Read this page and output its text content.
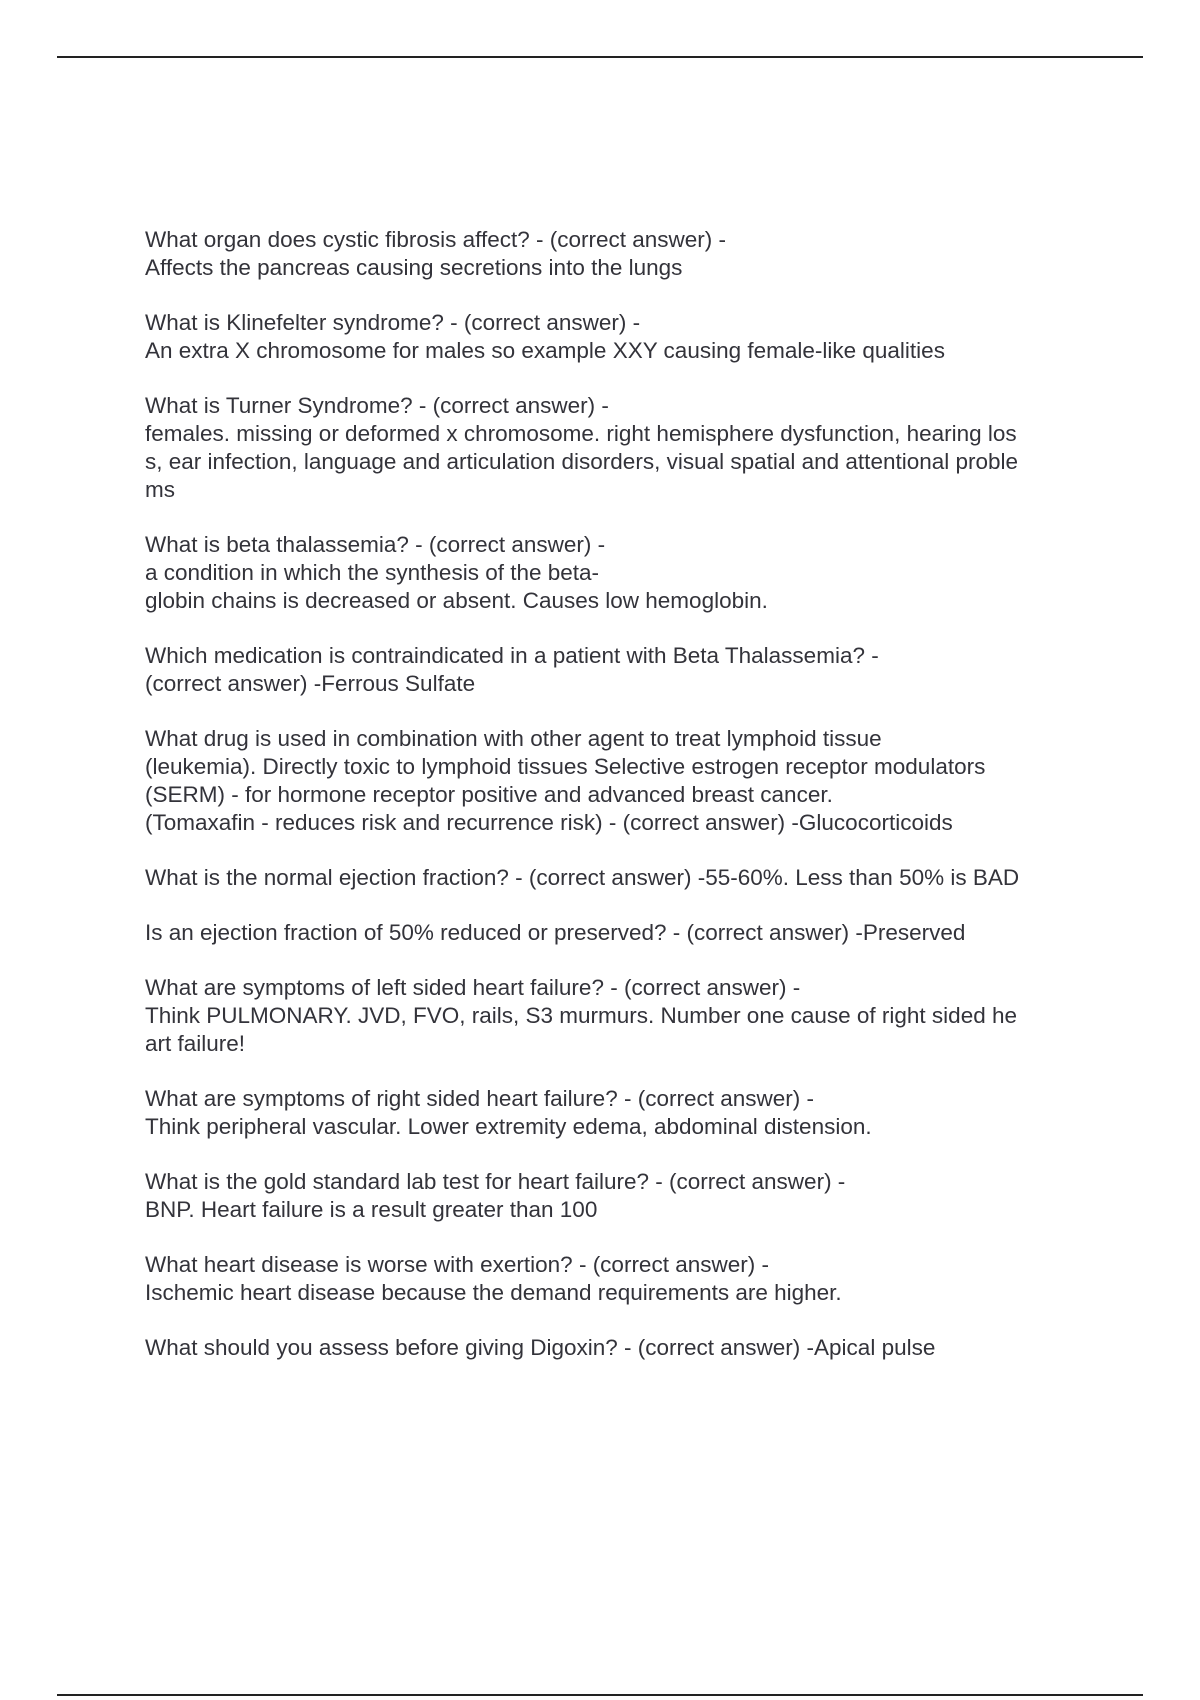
What organ does cystic fibrosis affect? - (correct answer) -
Affects the pancreas causing secretions into the lungs
What is Klinefelter syndrome? - (correct answer) -
An extra X chromosome for males so example XXY causing female-like qualities
What is Turner Syndrome? - (correct answer) -
females. missing or deformed x chromosome. right hemisphere dysfunction, hearing los
s, ear infection, language and articulation disorders, visual spatial and attentional proble
ms
What is beta thalassemia? - (correct answer) -
a condition in which the synthesis of the beta-
globin chains is decreased or absent. Causes low hemoglobin.
Which medication is contraindicated in a patient with Beta Thalassemia? -
(correct answer) -Ferrous Sulfate
What drug is used in combination with other agent to treat lymphoid tissue
(leukemia). Directly toxic to lymphoid tissues Selective estrogen receptor modulators
(SERM) - for hormone receptor positive and advanced breast cancer.
(Tomaxafin - reduces risk and recurrence risk) - (correct answer) -Glucocorticoids
What is the normal ejection fraction? - (correct answer) -55-60%. Less than 50% is BAD
Is an ejection fraction of 50% reduced or preserved? - (correct answer) -Preserved
What are symptoms of left sided heart failure? - (correct answer) -
Think PULMONARY. JVD, FVO, rails, S3 murmurs. Number one cause of right sided he
art failure!
What are symptoms of right sided heart failure? - (correct answer) -
Think peripheral vascular. Lower extremity edema, abdominal distension.
What is the gold standard lab test for heart failure? - (correct answer) -
BNP. Heart failure is a result greater than 100
What heart disease is worse with exertion? - (correct answer) -
Ischemic heart disease because the demand requirements are higher.
What should you assess before giving Digoxin? - (correct answer) -Apical pulse
